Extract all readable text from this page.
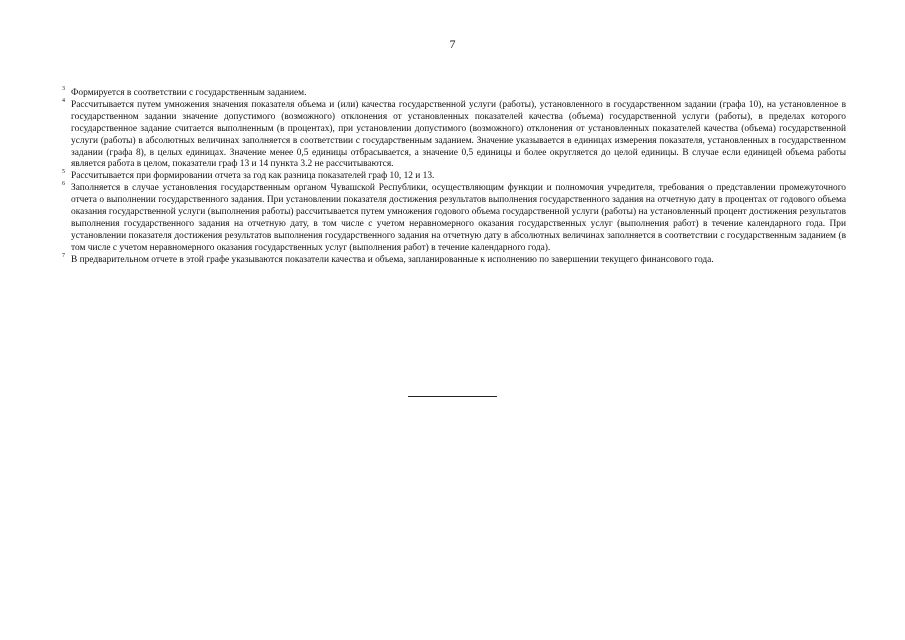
7
3 Формируется в соответствии с государственным заданием.
4 Рассчитывается путем умножения значения показателя объема и (или) качества государственной услуги (работы), установленного в государственном задании (графа 10), на установленное в государственном задании значение допустимого (возможного) отклонения от установленных показателей качества (объема) государственной услуги (работы), в пределах которого государственное задание считается выполненным (в процентах), при установлении допустимого (возможного) отклонения от установленных показателей качества (объема) государственной услуги (работы) в абсолютных величинах заполняется в соответствии с государственным заданием. Значение указывается в единицах измерения показателя, установленных в государственном задании (графа 8), в целых единицах. Значение менее 0,5 единицы отбрасывается, а значение 0,5 единицы и более округляется до целой единицы. В случае если единицей объема работы является работа в целом, показатели граф 13 и 14 пункта 3.2 не рассчитываются.
5 Рассчитывается при формировании отчета за год как разница показателей граф 10, 12 и 13.
6 Заполняется в случае установления государственным органом Чувашской Республики, осуществляющим функции и полномочия учредителя, требования о представлении промежуточного отчета о выполнении государственного задания. При установлении показателя достижения результатов выполнения государственного задания на отчетную дату в процентах от годового объема оказания государственной услуги (выполнения работы) рассчитывается путем умножения годового объема государственной услуги (работы) на установленный процент достижения результатов выполнения государственного задания на отчетную дату, в том числе с учетом неравномерного оказания государственных услуг (выполнения работ) в течение календарного года. При установлении показателя достижения результатов выполнения государственного задания на отчетную дату в абсолютных величинах заполняется в соответствии с государственным заданием (в том числе с учетом неравномерного оказания государственных услуг (выполнения работ) в течение календарного года).
7 В предварительном отчете в этой графе указываются показатели качества и объема, запланированные к исполнению по завершении текущего финансового года.
